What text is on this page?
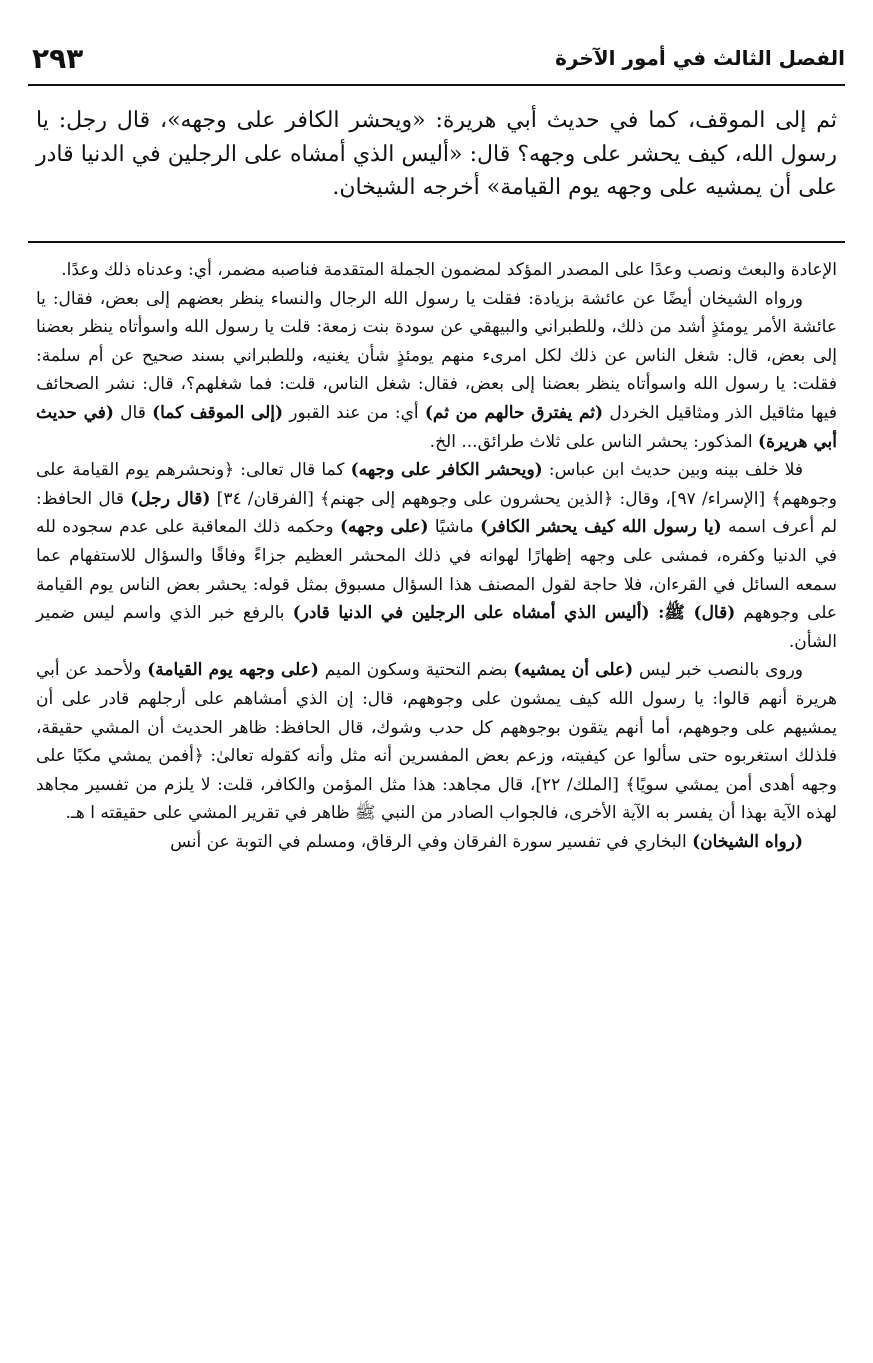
الفصل الثالث في أمور الآخرة
٢٩٣
ثم إلى الموقف، كما في حديث أبي هريرة: «ويحشر الكافر على وجهه»، قال رجل: يا رسول الله، كيف يحشر على وجهه؟ قال: «أليس الذي أمشاه على الرجلين في الدنيا قادر على أن يمشيه على وجهه يوم القيامة» أخرجه الشيخان.

الإعادة والبعث ونصب وعدًا على المصدر المؤكد لمضمون الجملة المتقدمة فناصبه مضمر، أي: وعدناه ذلك وعدًا.

ورواه الشيخان أيضًا عن عائشة بزيادة: فقلت يا رسول الله الرجال والنساء ينظر بعضهم إلى بعض، فقال: يا عائشة الأمر يومئذٍ أشد من ذلك، وللطبراني والبيهقي عن سودة بنت زمعة: قلت يا رسول الله واسوأتاه ينظر بعضنا إلى بعض، قال: شغل الناس عن ذلك لكل امرىء منهم يومئذٍ شأن يغنيه، وللطبراني بسند صحيح عن أم سلمة: فقلت: يا رسول الله واسوأتاه ينظر بعضنا إلى بعض، فقال: شغل الناس، قلت: فما شغلهم؟، قال: نشر الصحائف فيها مثاقيل الذر ومثاقيل الخردل (ثم يفترق حالهم من ثم) أي: من عند القبور (إلى الموقف كما) قال (في حديث أبي هريرة) المذكور: يحشر الناس على ثلاث طرائق... الخ.

فلا خلف بينه وبين حديث ابن عباس: (ويحشر الكافر على وجهه) كما قال تعالى: ﴿ونحشرهم يوم القيامة على وجوههم﴾ [الإسراء/ ٩٧]، وقال: ﴿الذين يحشرون على وجوههم إلى جهنم﴾ [الفرقان/ ٣٤] (قال رجل) قال الحافظ: لم أعرف اسمه (يا رسول الله كيف يحشر الكافر) ماشيًا (على وجهه) وحكمه ذلك المعاقبة على عدم سجوده لله في الدنيا وكفره، فمشى على وجهه إظهارًا لهوانه في ذلك المحشر العظيم جزاءً وفاقًا والسؤال للاستفهام عما سمعه السائل في القرءان، فلا حاجة لقول المصنف هذا السؤال مسبوق بمثل قوله: يحشر بعض الناس يوم القيامة على وجوههم (قال) ﷺ: (أليس الذي أمشاه على الرجلين في الدنيا قادر) بالرفع خبر الذي واسم ليس ضمير الشأن.

وروى بالنصب خبر ليس (على أن يمشيه) بضم التحتية وسكون الميم (على وجهه يوم القيامة) ولأحمد عن أبي هريرة أنهم قالوا: يا رسول الله كيف يمشون على وجوههم، قال: إن الذي أمشاهم على أرجلهم قادر على أن يمشيهم على وجوههم، أما أنهم يتقون بوجوههم كل حدب وشوك، قال الحافظ: ظاهر الحديث أن المشي حقيقة، فلذلك استغربوه حتى سألوا عن كيفيته، وزعم بعض المفسرين أنه مثل وأنه كقوله تعالىٰ: ﴿أفمن يمشي مكبًا على وجهه أهدى أمن يمشي سويًا﴾ [الملك/ ٢٢]، قال مجاهد: هذا مثل المؤمن والكافر، قلت: لا يلزم من تفسير مجاهد لهذه الآية بهذا أن يفسر به الآية الأخرى، فالجواب الصادر من النبي ﷺ ظاهر في تقرير المشي على حقيقته ا هـ.

(رواه الشيخان) البخاري في تفسير سورة الفرقان وفي الرقاق، ومسلم في التوبة عن أنس
